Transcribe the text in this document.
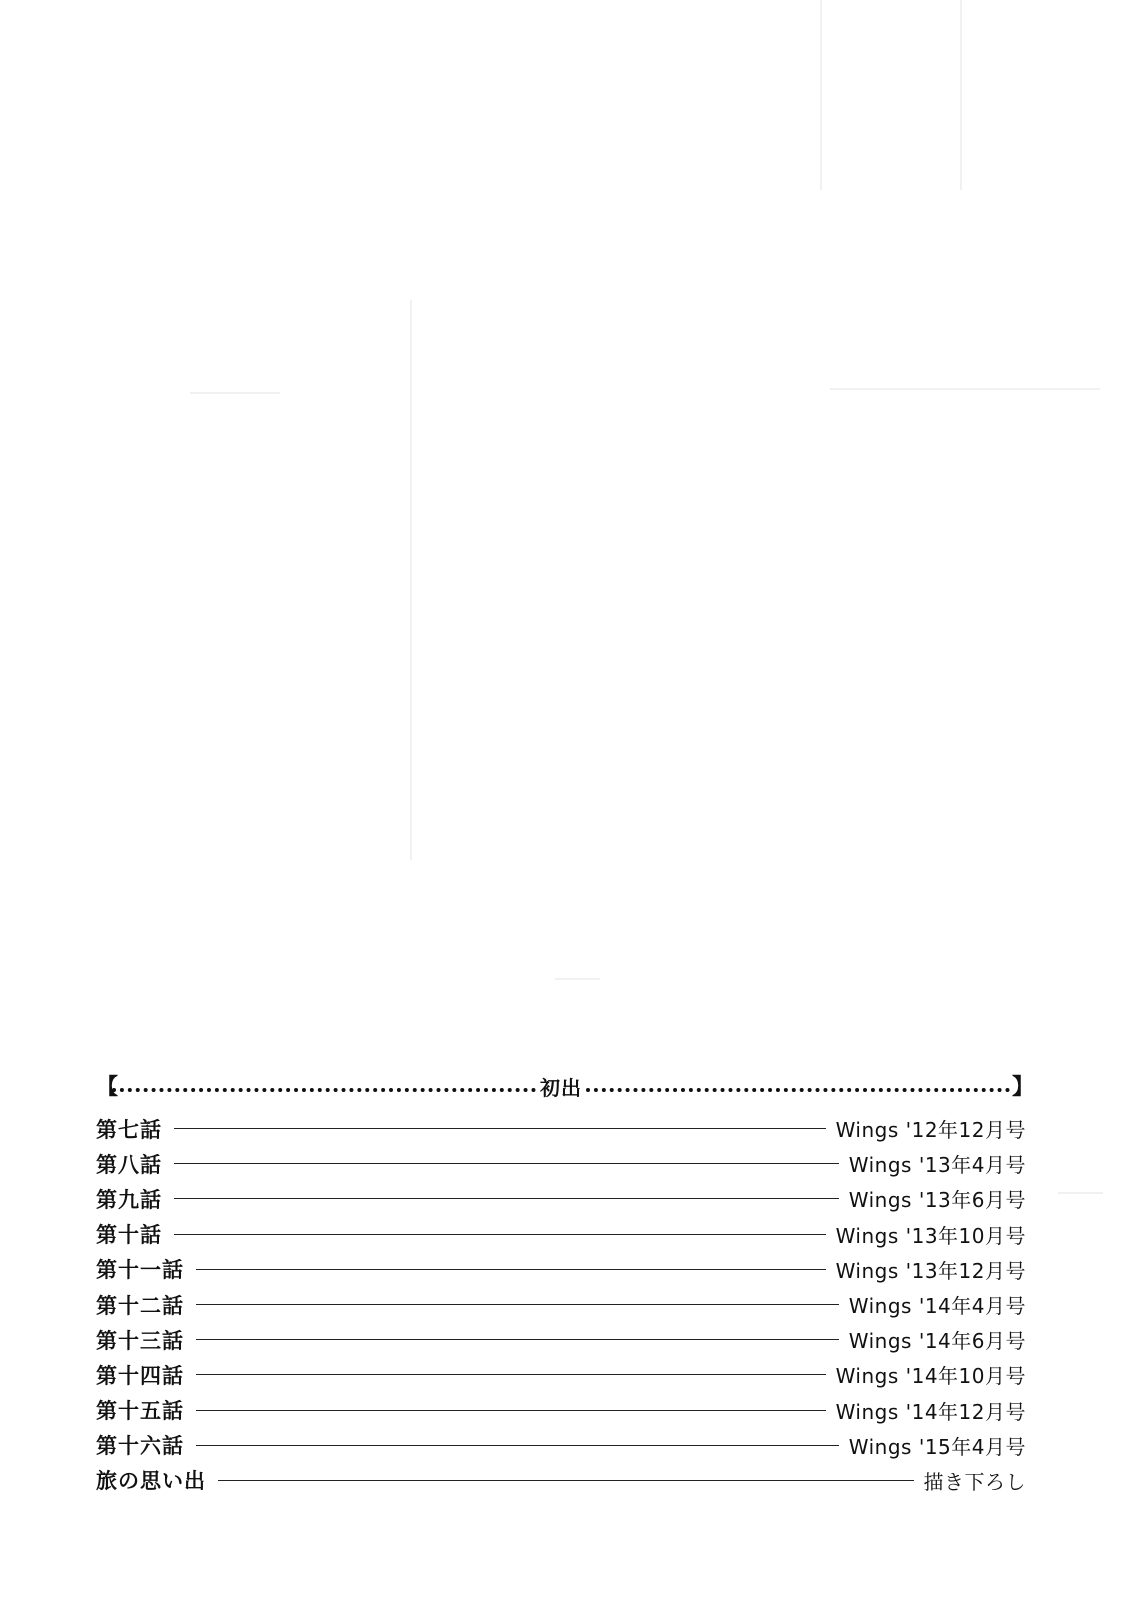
【	初出	】
第七話	Wings '12年12月号
第八話	Wings '13年4月号
第九話	Wings '13年6月号
第十話	Wings '13年10月号
第十一話	Wings '13年12月号
第十二話	Wings '14年4月号
第十三話	Wings '14年6月号
第十四話	Wings '14年10月号
第十五話	Wings '14年12月号
第十六話	Wings '15年4月号
旅の思い出	描き下ろし
